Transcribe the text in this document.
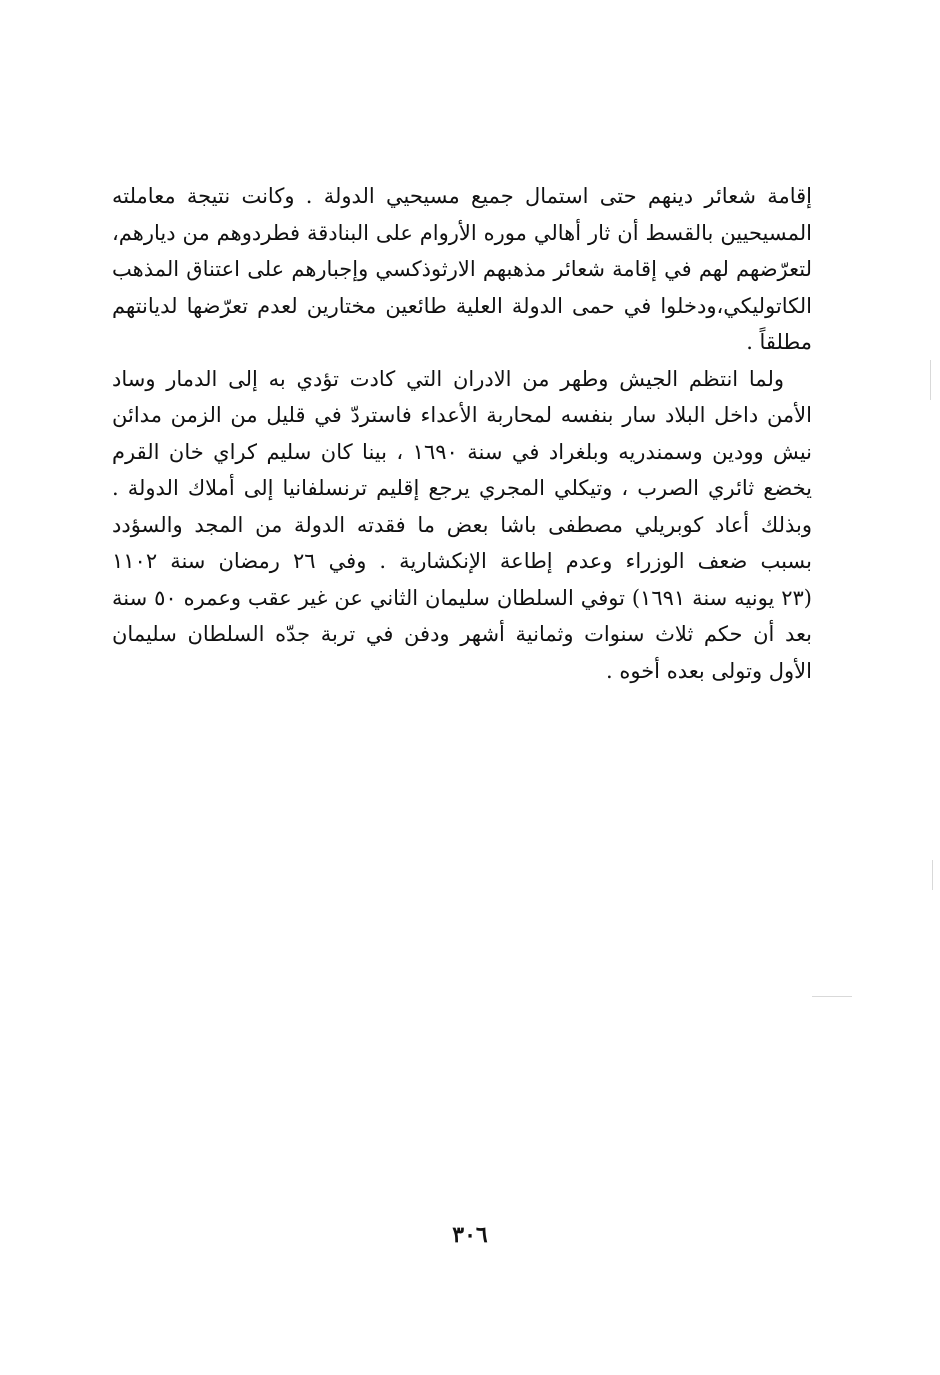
إقامة شعائر دينهم حتى استمال جميع مسيحيي الدولة . وكانت نتيجة معاملته
المسيحيين بالقسط أن ثار أهالي موره الأروام على البنادقة فطردوهم من ديارهم،
لتعرّضهم لهم في إقامة شعائر مذهبهم الارثوذكسي وإجبارهم على اعتناق المذهب
الكاتوليكي،ودخلوا في حمى الدولة العلية طائعين مختارين لعدم تعرّضها لديانتهم
مطلقاً .
ولما انتظم الجيش وطهر من الادران التي كادت تؤدي به إلى الدمار وساد
الأمن داخل البلاد سار بنفسه لمحاربة الأعداء فاستردّ في قليل من الزمن مدائن
نيش وودين وسمندريه وبلغراد في سنة ١٦٩٠ ، بينا كان سليم كراي خان القرم
يخضع ثائري الصرب ، وتيكلي المجري يرجع إقليم ترنسلفانيا إلى أملاك الدولة .
وبذلك أعاد كوبريلي مصطفى باشا بعض ما فقدته الدولة من المجد والسؤدد
بسبب ضعف الوزراء وعدم إطاعة الإنكشارية . وفي ٢٦ رمضان سنة ١١٠٢
(٢٣ يونيه سنة ١٦٩١) توفي السلطان سليمان الثاني عن غير عقب وعمره ٥٠ سنة
بعد أن حكم ثلاث سنوات وثمانية أشهر ودفن في تربة جدّه السلطان سليمان
الأول وتولى بعده أخوه .
٣٠٦
